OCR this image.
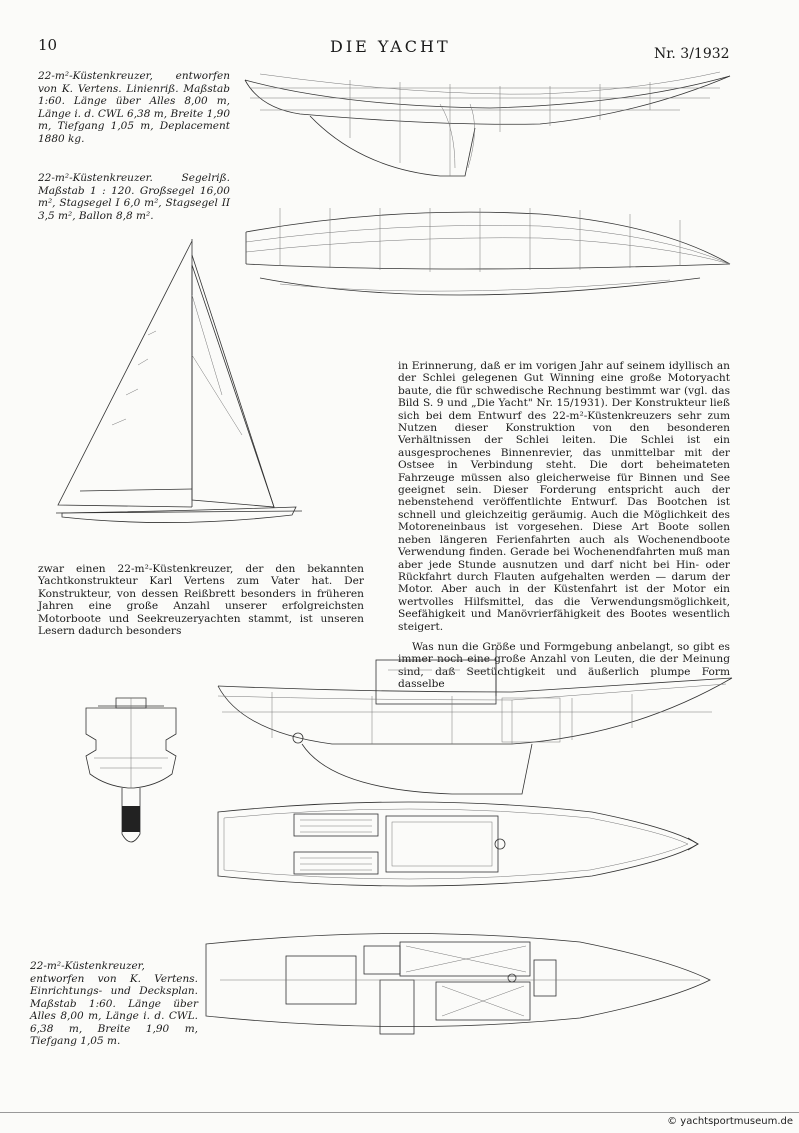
10	DIE YACHT	Nr. 3/1932
22-m²-Küstenkreuzer, entworfen von K. Vertens. Linienriß. Maßstab 1:60. Länge über Alles 8,00 m, Länge i. d. CWL 6,38 m, Breite 1,90 m, Tiefgang 1,05 m, Deplacement 1880 kg.
22-m²-Küstenkreuzer. Segelriß. Maßstab 1 : 120. Großsegel 16,00 m², Stagsegel I 6,0 m², Stagsegel II 3,5 m², Ballon 8,8 m².
22-m²-Küstenkreuzer, entworfen von K. Vertens. Einrichtungs- und Decksplan. Maßstab 1:60. Länge über Alles 8,00 m, Länge i. d. CWL. 6,38 m, Breite 1,90 m, Tiefgang 1,05 m.

zwar einen 22-m²-Küstenkreuzer, der den bekannten Yachtkonstrukteur Karl Vertens zum Vater hat. Der Konstrukteur, von dessen Reißbrett besonders in früheren Jahren eine große Anzahl unserer erfolgreichsten Motorboote und Seekreuzeryachten stammt, ist unseren Lesern dadurch besonders

in Erinnerung, daß er im vorigen Jahr auf seinem idyllisch an der Schlei gelegenen Gut Winning eine große Motoryacht baute, die für schwedische Rechnung bestimmt war (vgl. das Bild S. 9 und „Die Yacht" Nr. 15/1931). Der Konstrukteur ließ sich bei dem Entwurf des 22-m²-Küstenkreuzers sehr zum Nutzen dieser Konstruktion von den besonderen Verhältnissen der Schlei leiten. Die Schlei ist ein ausgesprochenes Binnenrevier, das unmittelbar mit der Ostsee in Verbindung steht. Die dort beheimateten Fahrzeuge müssen also gleicherweise für Binnen und See geeignet sein. Dieser Forderung entspricht auch der nebenstehend veröffentlichte Entwurf. Das Bootchen ist schnell und gleichzeitig geräumig. Auch die Möglichkeit des Motoreneinbaus ist vorgesehen. Diese Art Boote sollen neben längeren Ferienfahrten auch als Wochenendboote Verwendung finden. Gerade bei Wochenendfahrten muß man aber jede Stunde ausnutzen und darf nicht bei Hin- oder Rückfahrt durch Flauten aufgehalten werden — darum der Motor. Aber auch in der Küstenfahrt ist der Motor ein wertvolles Hilfsmittel, das die Verwendungsmöglichkeit, Seefähigkeit und Manövrierfähigkeit des Bootes wesentlich steigert.

Was nun die Größe und Formgebung anbelangt, so gibt es immer noch eine große Anzahl von Leuten, die der Meinung sind, daß Seetüchtigkeit und äußerlich plumpe Form dasselbe

© yachtsportmuseum.de
